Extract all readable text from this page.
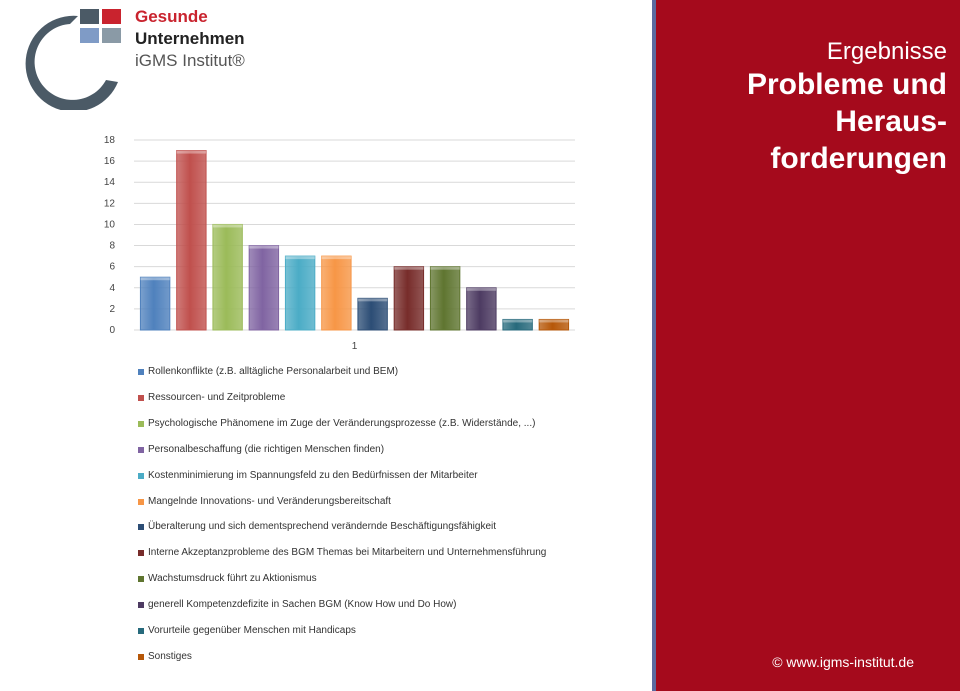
Gesunde
Unternehmen
iGMS Institut®
0
2
4
6
8
10
12
14
16
18
1
Rollenkonflikte (z.B. alltägliche Personalarbeit und BEM)
Ressourcen- und Zeitprobleme
Psychologische Phänomene im Zuge der Veränderungsprozesse (z.B. Widerstände, ...)
Personalbeschaffung (die richtigen Menschen finden)
Kostenminimierung im Spannungsfeld zu den Bedürfnissen der Mitarbeiter
Mangelnde Innovations- und Veränderungsbereitschaft
Überalterung und sich dementsprechend verändernde Beschäftigungsfähigkeit
Interne Akzeptanzprobleme des BGM Themas bei Mitarbeitern und Unternehmensführung
Wachstumsdruck führt zu Aktionismus
generell Kompetenzdefizite in Sachen BGM (Know How und Do How)
Vorurteile gegenüber Menschen mit Handicaps
Sonstiges
Ergebnisse
Probleme und
Heraus-
forderungen
© www.igms-institut.de
